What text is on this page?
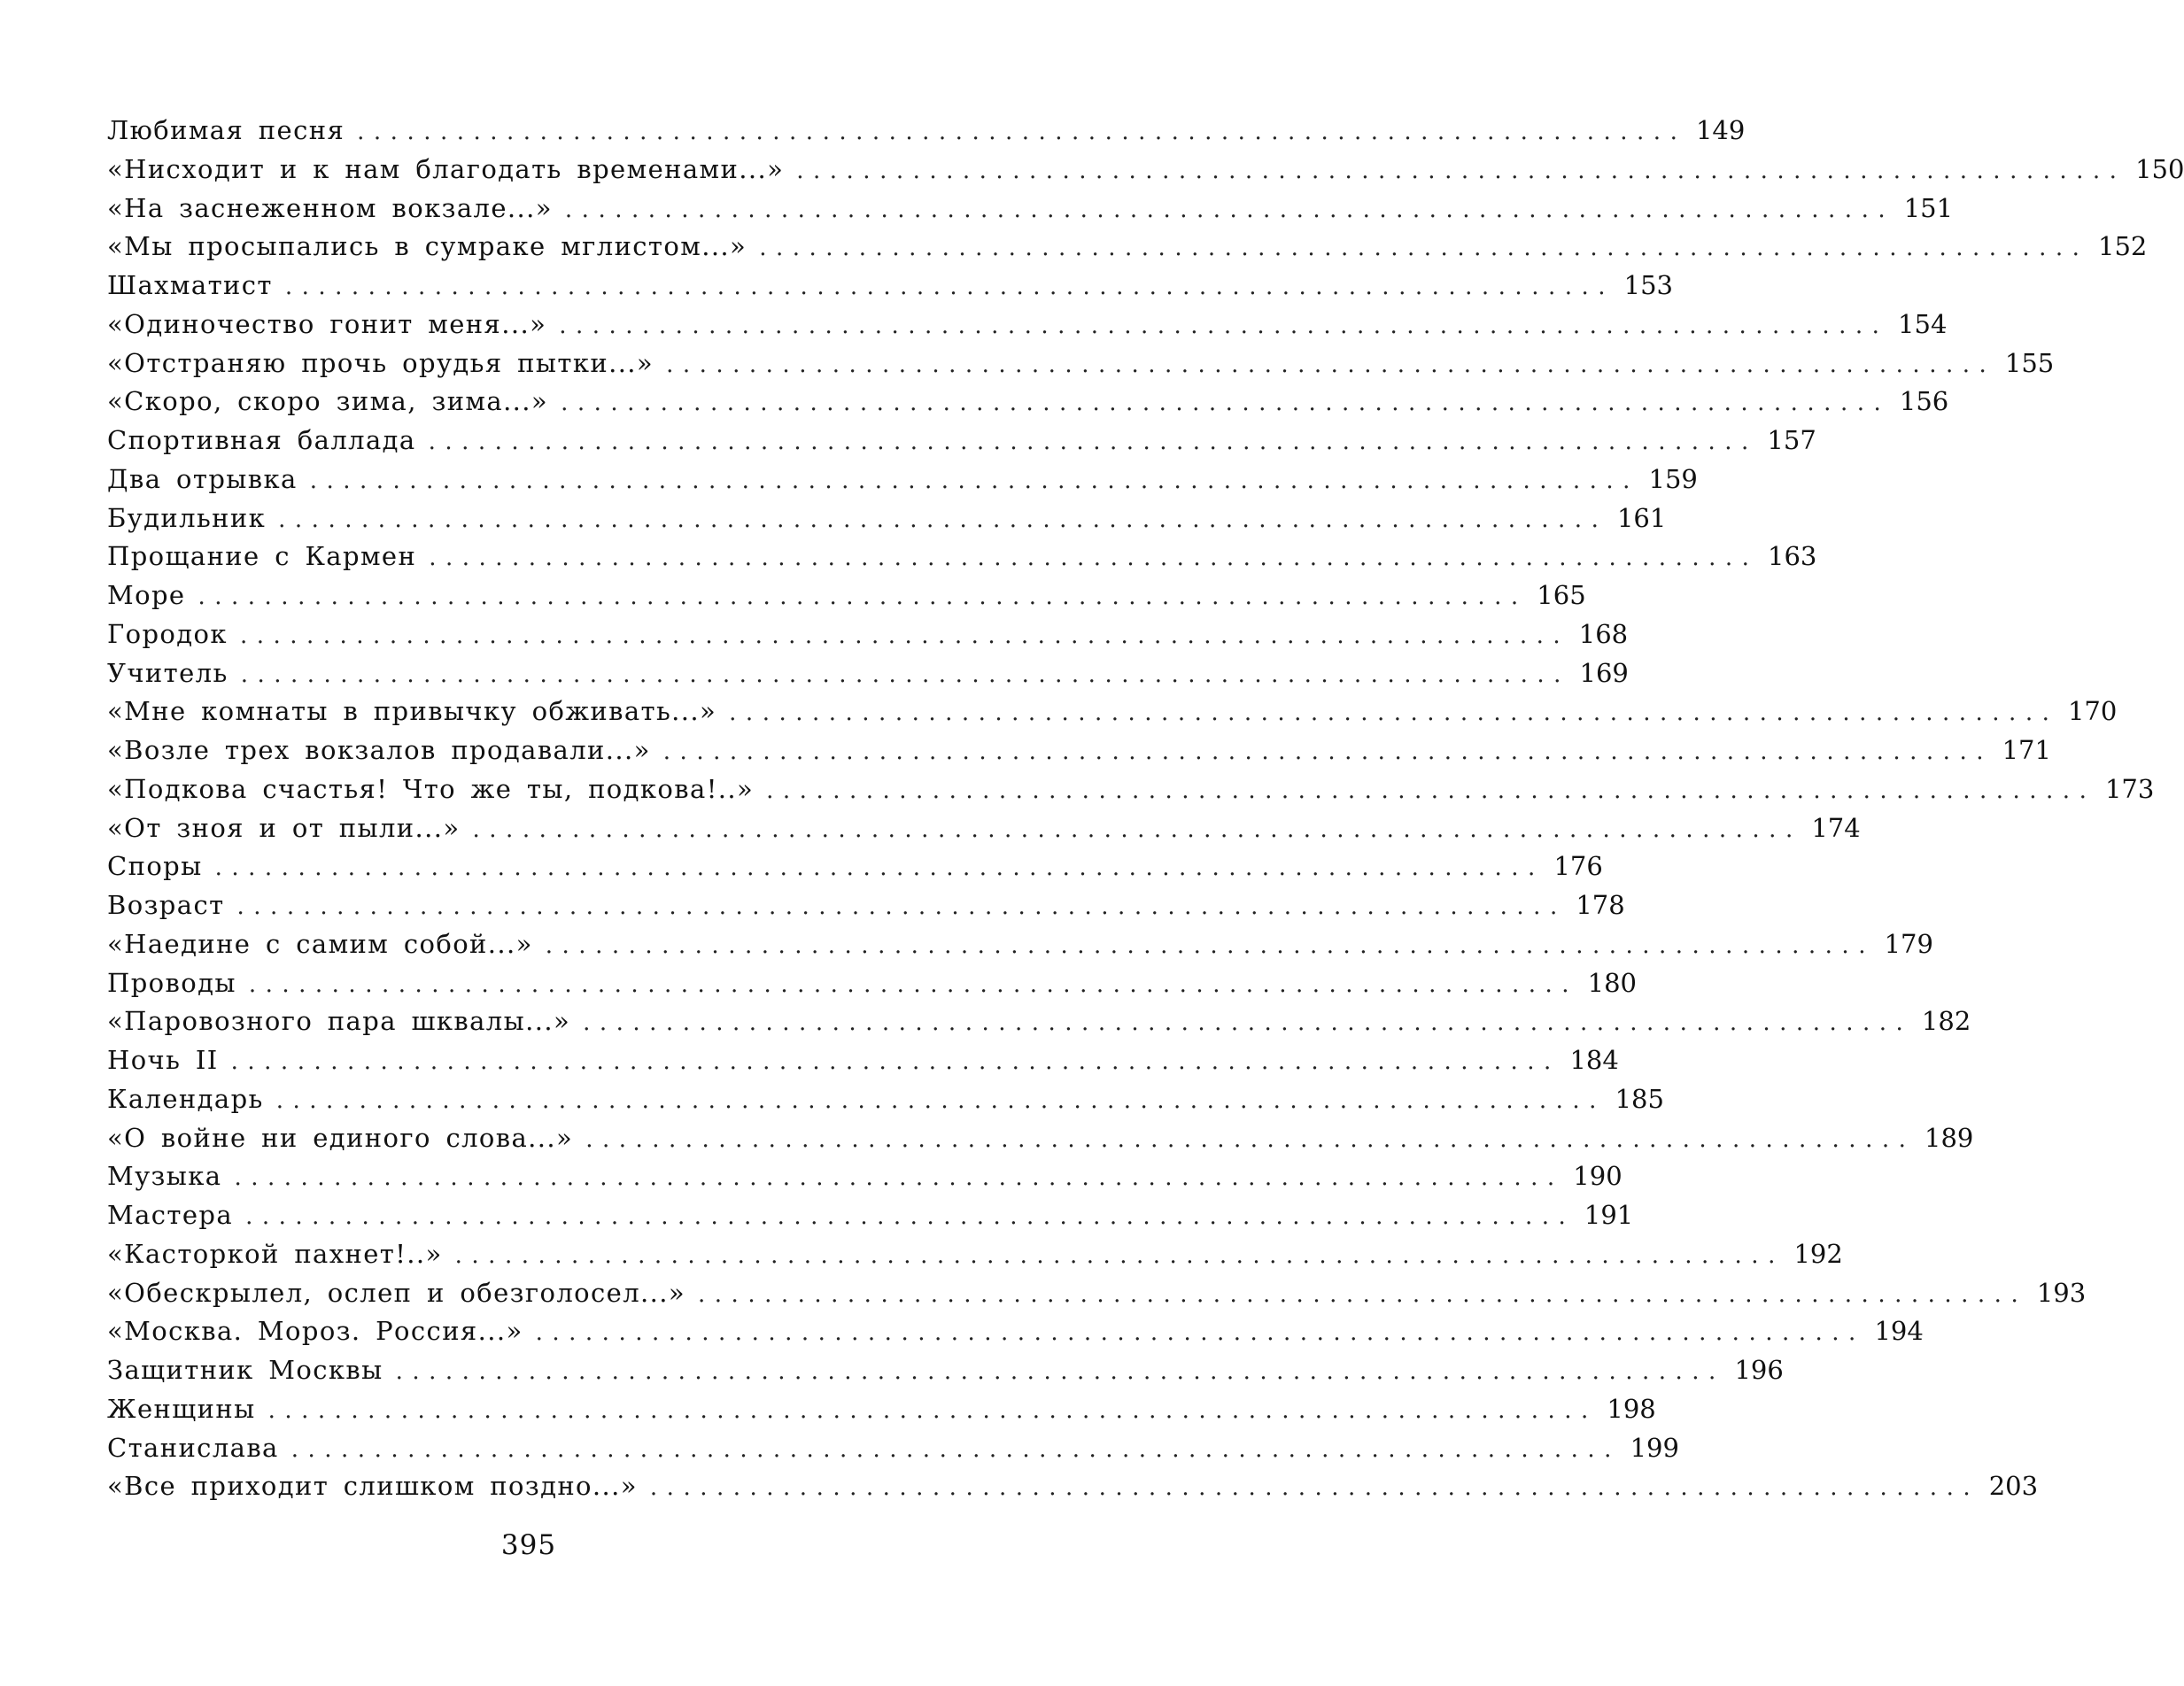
Любимая песня ................................................................................ 149
«Нисходит и к нам благодать временами...» ................................................................................ 150
«На заснеженном вокзале...» ................................................................................ 151
«Мы просыпались в сумраке мглистом...» ................................................................................ 152
Шахматист ................................................................................ 153
«Одиночество гонит меня...» ................................................................................ 154
«Отстраняю прочь орудья пытки...» ................................................................................ 155
«Скоро, скоро зима, зима...» ................................................................................ 156
Спортивная баллада ................................................................................ 157
Два отрывка ................................................................................ 159
Будильник ................................................................................ 161
Прощание с Кармен ................................................................................ 163
Море ................................................................................ 165
Городок ................................................................................ 168
Учитель ................................................................................ 169
«Мне комнаты в привычку обживать...» ................................................................................ 170
«Возле трех вокзалов продавали...» ................................................................................ 171
«Подкова счастья! Что же ты, подкова!..» ................................................................................ 173
«От зноя и от пыли...» ................................................................................ 174
Споры ................................................................................ 176
Возраст ................................................................................ 178
«Наедине с самим собой...» ................................................................................ 179
Проводы ................................................................................ 180
«Паровозного пара шквалы...» ................................................................................ 182
Ночь II ................................................................................ 184
Календарь ................................................................................ 185
«О войне ни единого слова...» ................................................................................ 189
Музыка ................................................................................ 190
Мастера ................................................................................ 191
«Касторкой пахнет!..» ................................................................................ 192
«Обескрылел, ослеп и обезголосел...» ................................................................................ 193
«Москва. Мороз. Россия...» ................................................................................ 194
Защитник Москвы ................................................................................ 196
Женщины ................................................................................ 198
Станислава ................................................................................ 199
«Все приходит слишком поздно...» ................................................................................ 203
395
